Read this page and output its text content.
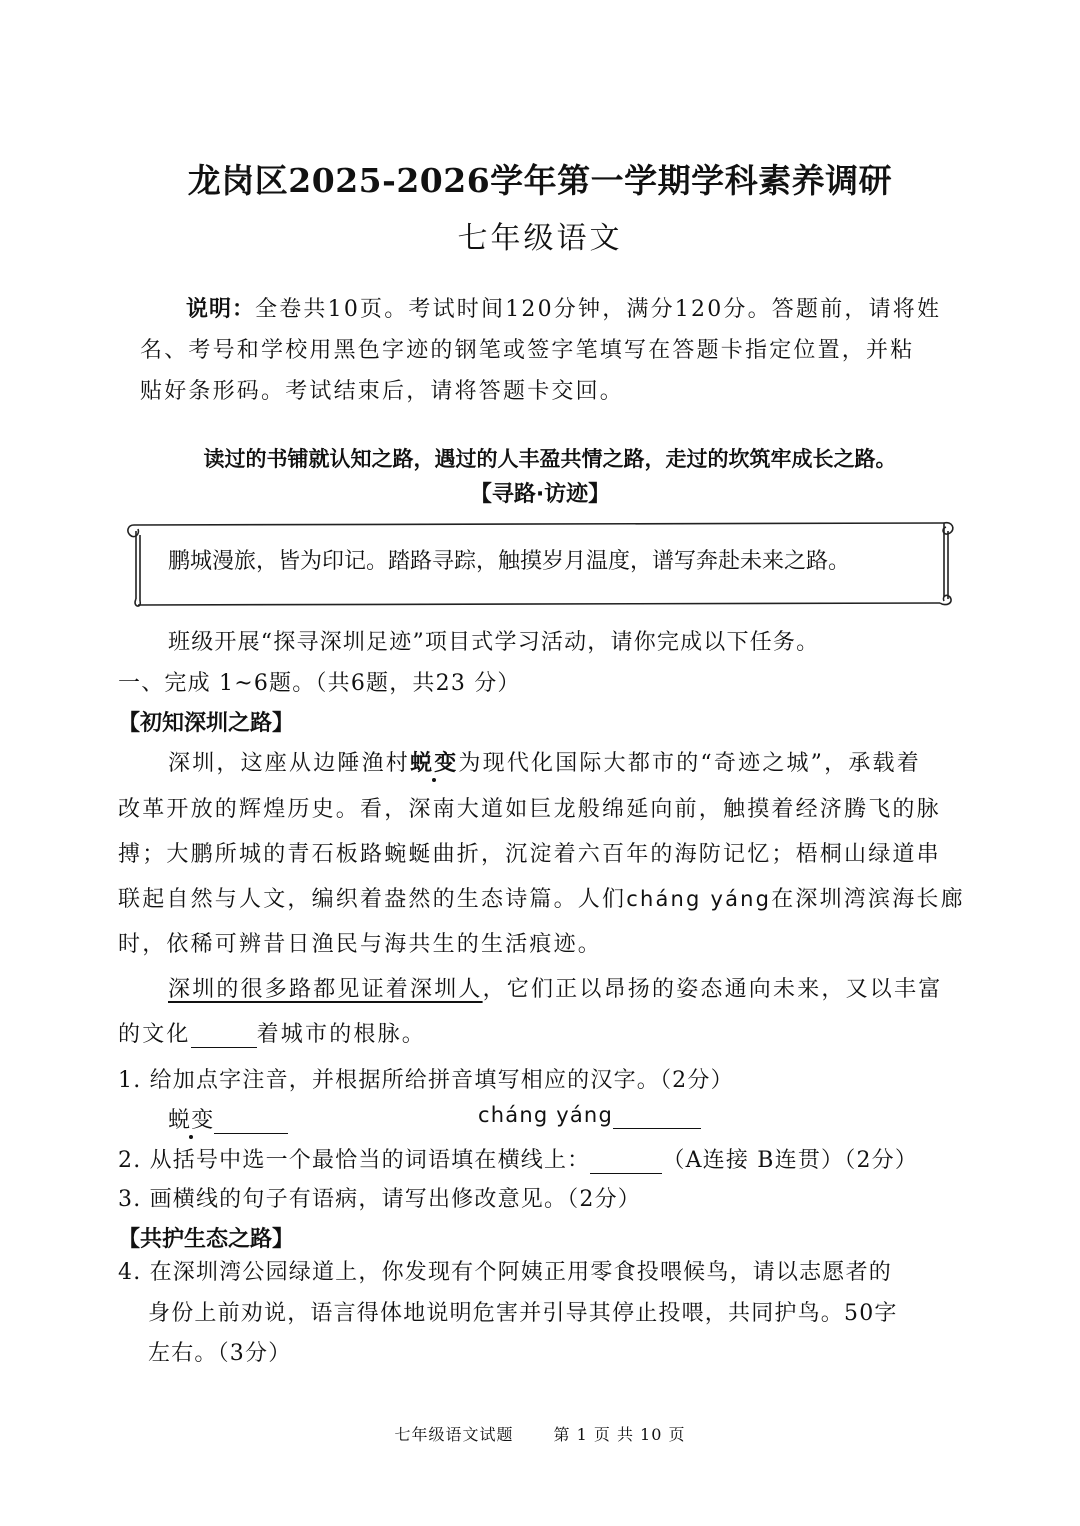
龙岗区2025-2026学年第一学期学科素养调研
七年级语文
说明：全卷共10页。考试时间120分钟，满分120分。答题前，请将姓
名、考号和学校用黑色字迹的钢笔或签字笔填写在答题卡指定位置，并粘
贴好条形码。考试结束后，请将答题卡交回。
读过的书铺就认知之路，遇过的人丰盈共情之路，走过的坎筑牢成长之路。
【寻路·访迹】
鹏城漫旅，皆为印记。踏路寻踪，触摸岁月温度，谱写奔赴未来之路。
班级开展“探寻深圳足迹”项目式学习活动，请你完成以下任务。
一、完成 1~6题。（共6题，共23 分）
【初知深圳之路】
深圳，这座从边陲渔村蜕变为现代化国际大都市的“奇迹之城”，承载着
改革开放的辉煌历史。看，深南大道如巨龙般绵延向前，触摸着经济腾飞的脉
搏；大鹏所城的青石板路蜿蜒曲折，沉淀着六百年的海防记忆；梧桐山绿道串
联起自然与人文，编织着盎然的生态诗篇。人们cháng yáng在深圳湾滨海长廊
时，依稀可辨昔日渔民与海共生的生活痕迹。
深圳的很多路都见证着深圳人，它们正以昂扬的姿态通向未来，又以丰富
的文化	着城市的根脉。
1. 给加点字注音，并根据所给拼音填写相应的汉字。（2分）
蜕变	cháng yáng
2. 从括号中选一个最恰当的词语填在横线上：	（A连接 B连贯）（2分）
3. 画横线的句子有语病，请写出修改意见。（2分）
【共护生态之路】
4. 在深圳湾公园绿道上，你发现有个阿姨正用零食投喂候鸟，请以志愿者的
身份上前劝说，语言得体地说明危害并引导其停止投喂，共同护鸟。50字
左右。（3分）
七年级语文试题	第 1 页 共 10 页
